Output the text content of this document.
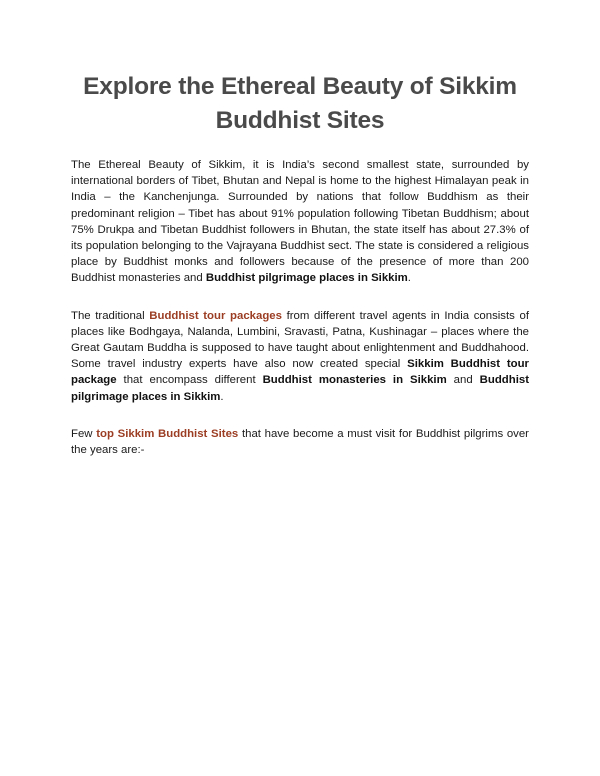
Explore the Ethereal Beauty of Sikkim Buddhist Sites

The Ethereal Beauty of Sikkim, it is India’s second smallest state, surrounded by international borders of Tibet, Bhutan and Nepal is home to the highest Himalayan peak in India – the Kanchenjunga. Surrounded by nations that follow Buddhism as their predominant religion – Tibet has about 91% population following Tibetan Buddhism; about 75% Drukpa and Tibetan Buddhist followers in Bhutan, the state itself has about 27.3% of its population belonging to the Vajrayana Buddhist sect. The state is considered a religious place by Buddhist monks and followers because of the presence of more than 200 Buddhist monasteries and Buddhist pilgrimage places in Sikkim.

The traditional Buddhist tour packages from different travel agents in India consists of places like Bodhgaya, Nalanda, Lumbini, Sravasti, Patna, Kushinagar – places where the Great Gautam Buddha is supposed to have taught about enlightenment and Buddhahood. Some travel industry experts have also now created special Sikkim Buddhist tour package that encompass different Buddhist monasteries in Sikkim and Buddhist pilgrimage places in Sikkim.

Few top Sikkim Buddhist Sites that have become a must visit for Buddhist pilgrims over the years are:-
